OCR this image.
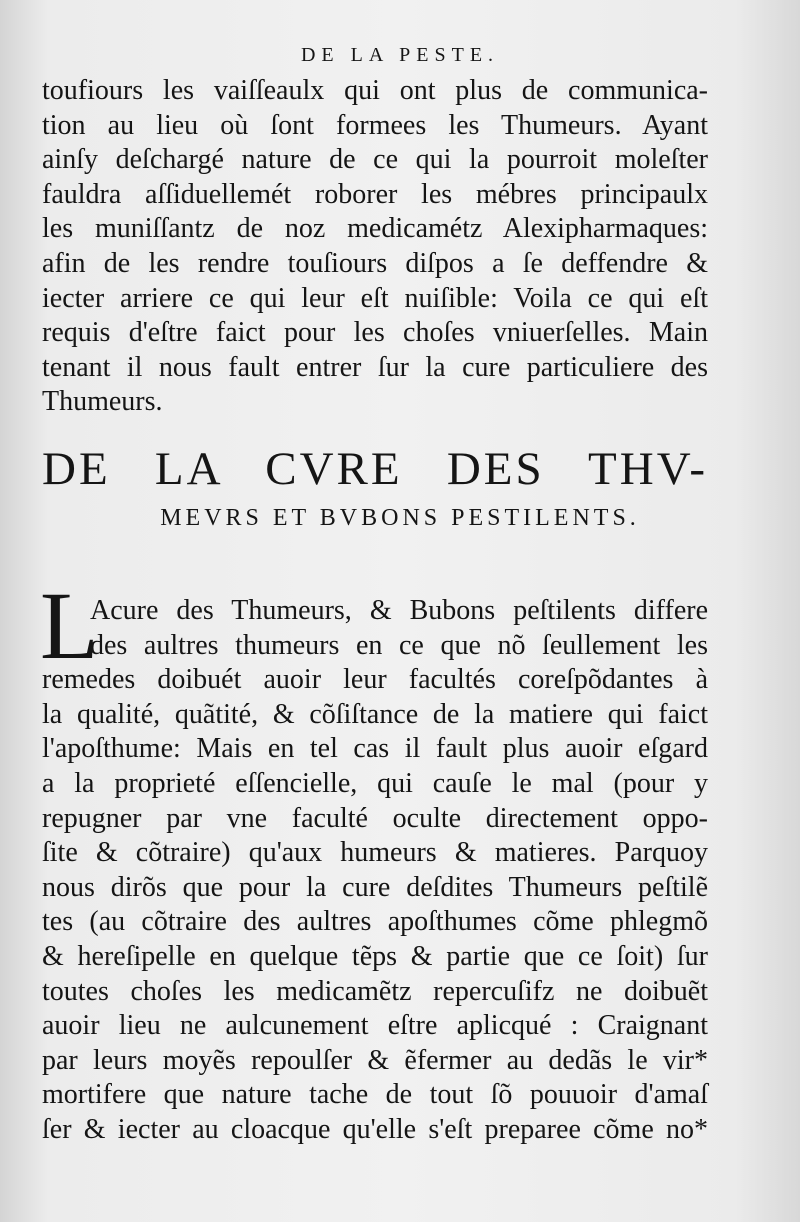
DE LA PESTE.
toufiours les vaiſſeaulx qui ont plus de communica-
tion au lieu où ſont formees les Thumeurs. Ayant
ainſy deſchargé nature de ce qui la pourroit moleſter
fauldra aſſiduellemét roborer les mébres principaulx
les muniſſantz de noz medicamétz Alexipharmaques:
afin de les rendre touſiours diſpos a ſe deffendre &
iecter arriere ce qui leur eſt nuiſible: Voila ce qui eſt
requis d'eſtre faict pour les choſes vniuerſelles. Main
tenant il nous fault entrer ſur la cure particuliere des
Thumeurs.
DE LA CVRE DES THV-
MEVRS ET BVBONS PESTILENTS.
L
Acure des Thumeurs, & Bubons peſtilents differe
des aultres thumeurs en ce que nõ ſeullement les
remedes doibuét auoir leur facultés coreſpõdantes à
la qualité, quãtité, & cõſiſtance de la matiere qui faict
l'apoſthume: Mais en tel cas il fault plus auoir eſgard
a la proprieté eſſencielle, qui cauſe le mal (pour y
repugner par vne faculté oculte directement oppo-
ſite & cõtraire) qu'aux humeurs & matieres. Parquoy
nous dirõs que pour la cure deſdites Thumeurs peſtilẽ
tes (au cõtraire des aultres apoſthumes cõme phlegmõ
& hereſipelle en quelque tẽps & partie que ce ſoit) ſur
toutes choſes les medicamẽtz repercuſifz ne doibuẽt
auoir lieu ne aulcunement eſtre aplicqué : Craignant
par leurs moyẽs repoulſer & ẽfermer au dedãs le vir*
mortifere que nature tache de tout ſõ pouuoir d'amaſ
ſer & iecter au cloacque qu'elle s'eſt preparee cõme no*
